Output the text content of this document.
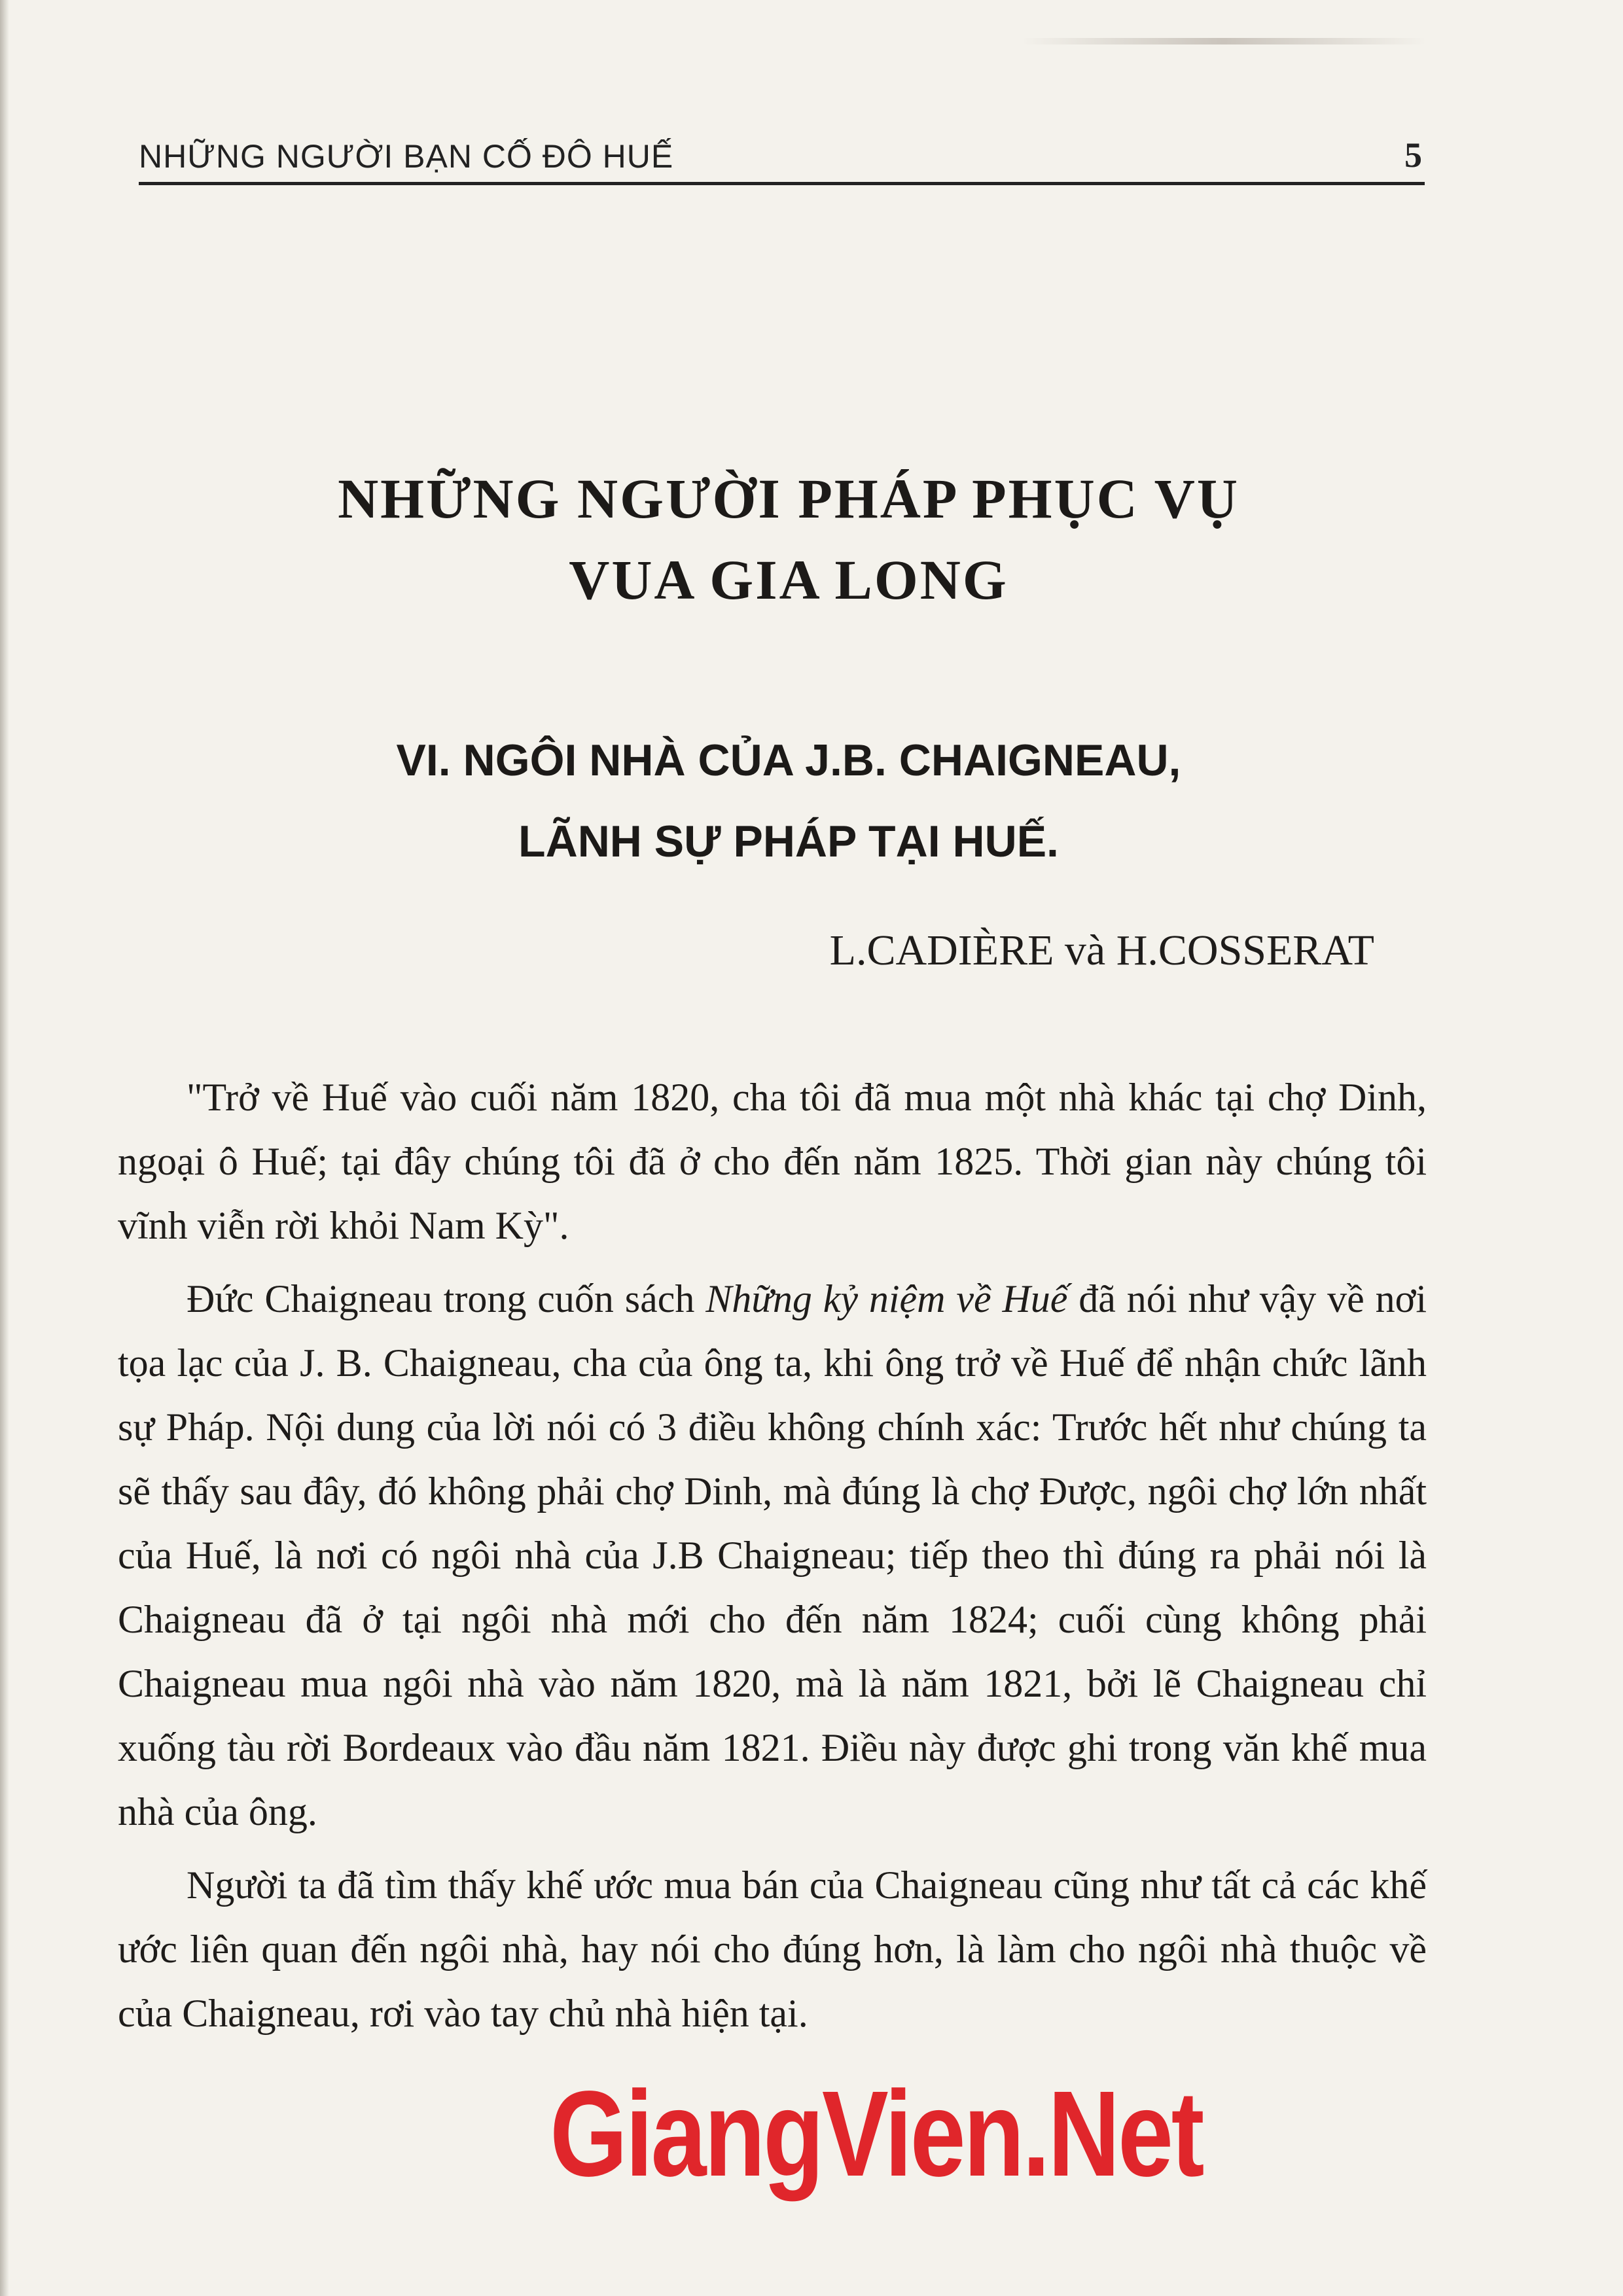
NHỮNG NGƯỜI BẠN CỐ ĐÔ HUẾ	5
NHỮNG NGƯỜI PHÁP PHỤC VỤ
VUA GIA LONG
VI. NGÔI NHÀ CỦA J.B. CHAIGNEAU,
LÃNH SỰ PHÁP TẠI HUẾ.
L.CADIÈRE và H.COSSERAT

"Trở về Huế vào cuối năm 1820, cha tôi đã mua một nhà khác tại chợ Dinh, ngoại ô Huế; tại đây chúng tôi đã ở cho đến năm 1825. Thời gian này chúng tôi vĩnh viễn rời khỏi Nam Kỳ".

Đức Chaigneau trong cuốn sách Những kỷ niệm về Huế đã nói như vậy về nơi tọa lạc của J. B. Chaigneau, cha của ông ta, khi ông trở về Huế để nhận chức lãnh sự Pháp. Nội dung của lời nói có 3 điều không chính xác: Trước hết như chúng ta sẽ thấy sau đây, đó không phải chợ Dinh, mà đúng là chợ Được, ngôi chợ lớn nhất của Huế, là nơi có ngôi nhà của J.B Chaigneau; tiếp theo thì đúng ra phải nói là Chaigneau đã ở tại ngôi nhà mới cho đến năm 1824; cuối cùng không phải Chaigneau mua ngôi nhà vào năm 1820, mà là năm 1821, bởi lẽ Chaigneau chỉ xuống tàu rời Bordeaux vào đầu năm 1821. Điều này được ghi trong văn khế mua nhà của ông.

Người ta đã tìm thấy khế ước mua bán của Chaigneau cũng như tất cả các khế ước liên quan đến ngôi nhà, hay nói cho đúng hơn, là làm cho ngôi nhà thuộc về của Chaigneau, rơi vào tay chủ nhà hiện tại.

GiangVien.Net
